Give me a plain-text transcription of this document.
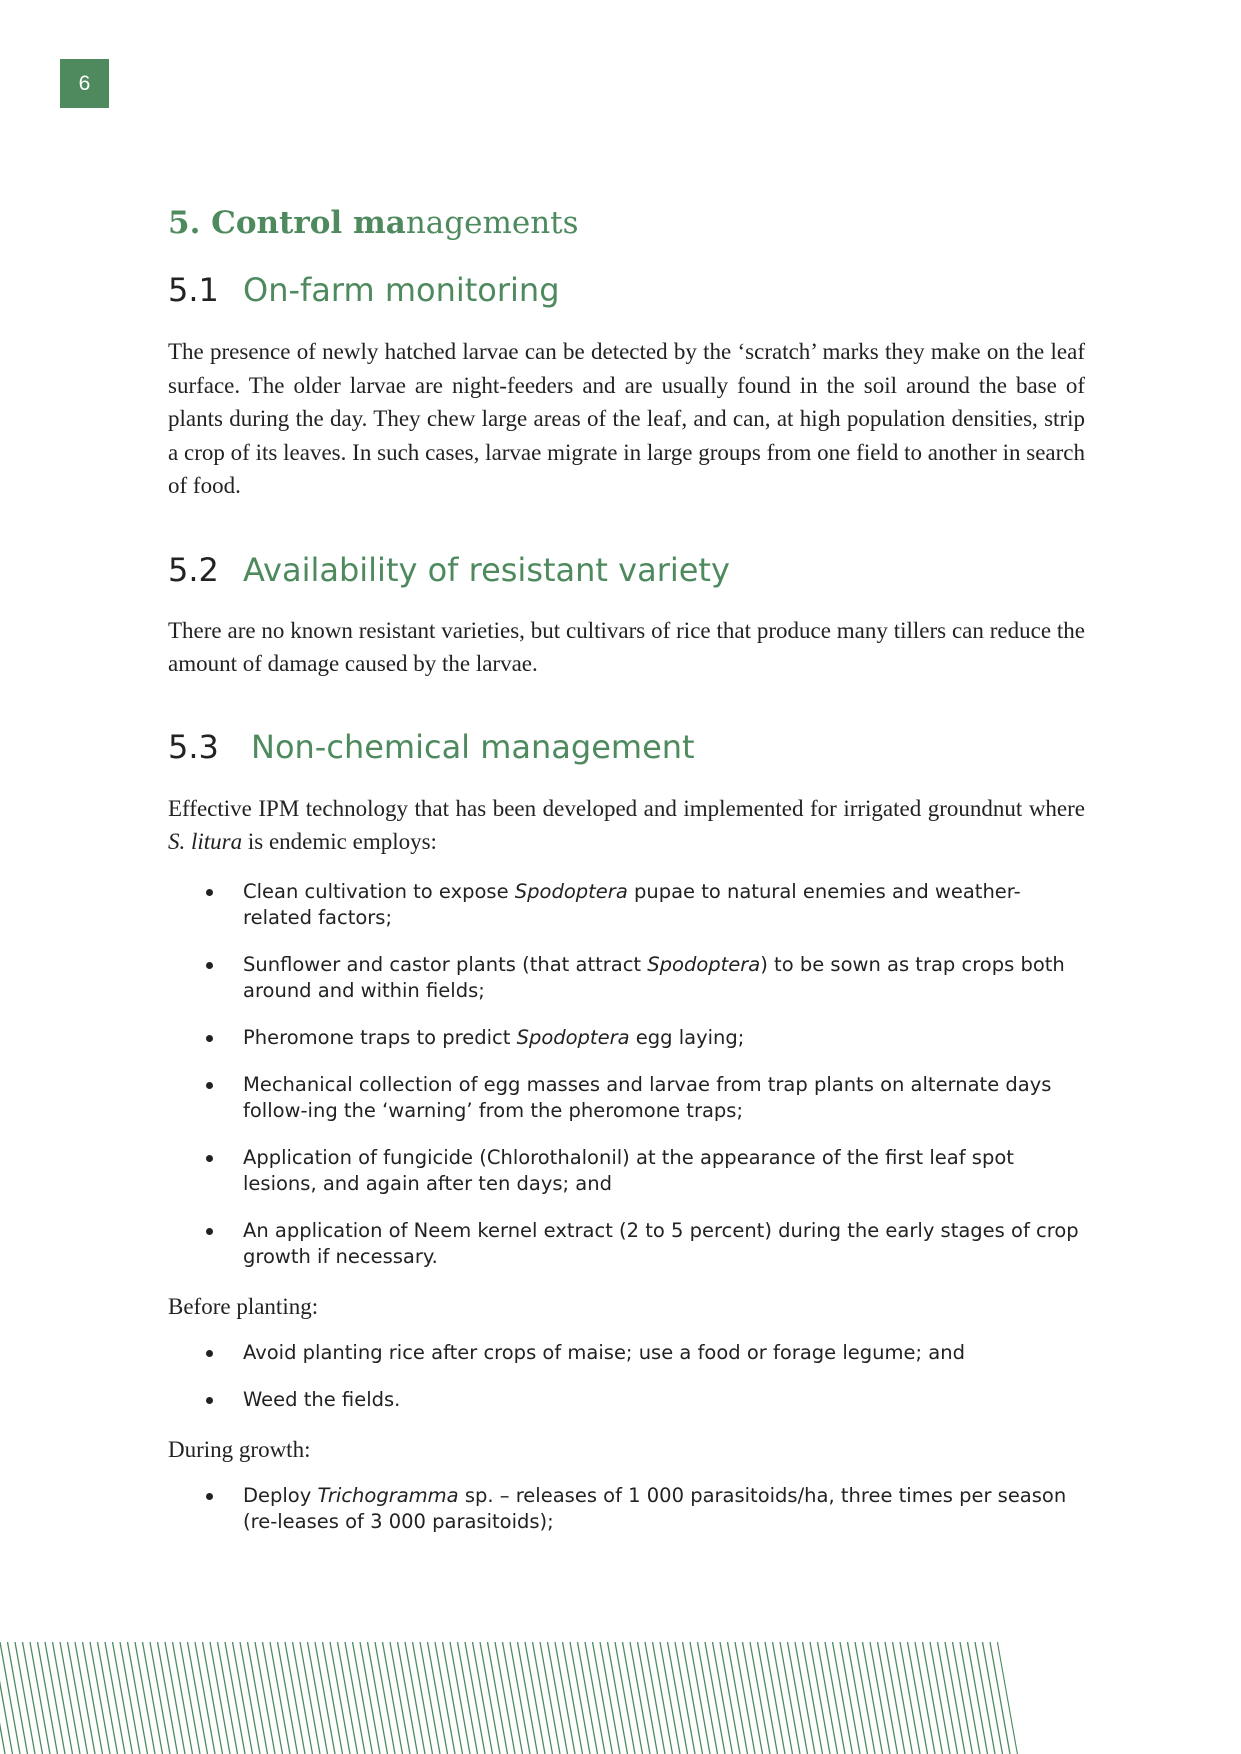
6
5. Control managements
5.1 On-farm monitoring

The presence of newly hatched larvae can be detected by the ‘scratch’ marks they make on the leaf surface. The older larvae are night-feeders and are usually found in the soil around the base of plants during the day. They chew large areas of the leaf, and can, at high population densities, strip a crop of its leaves. In such cases, larvae migrate in large groups from one field to another in search of food.

5.2 Availability of resistant variety

There are no known resistant varieties, but cultivars of rice that produce many tillers can reduce the amount of damage caused by the larvae.

5.3 Non-chemical management

Effective IPM technology that has been developed and implemented for irrigated groundnut where S. litura is endemic employs:

Clean cultivation to expose Spodoptera pupae to natural enemies and weather-related factors;
Sunflower and castor plants (that attract Spodoptera) to be sown as trap crops both around and within fields;
Pheromone traps to predict Spodoptera egg laying;
Mechanical collection of egg masses and larvae from trap plants on alternate days follow-ing the ‘warning’ from the pheromone traps;
Application of fungicide (Chlorothalonil) at the appearance of the first leaf spot lesions, and again after ten days; and
An application of Neem kernel extract (2 to 5 percent) during the early stages of crop growth if necessary.

Before planting:

Avoid planting rice after crops of maise; use a food or forage legume; and
Weed the fields.

During growth:

Deploy Trichogramma sp. – releases of 1 000 parasitoids/ha, three times per season (re-leases of 3 000 parasitoids);
